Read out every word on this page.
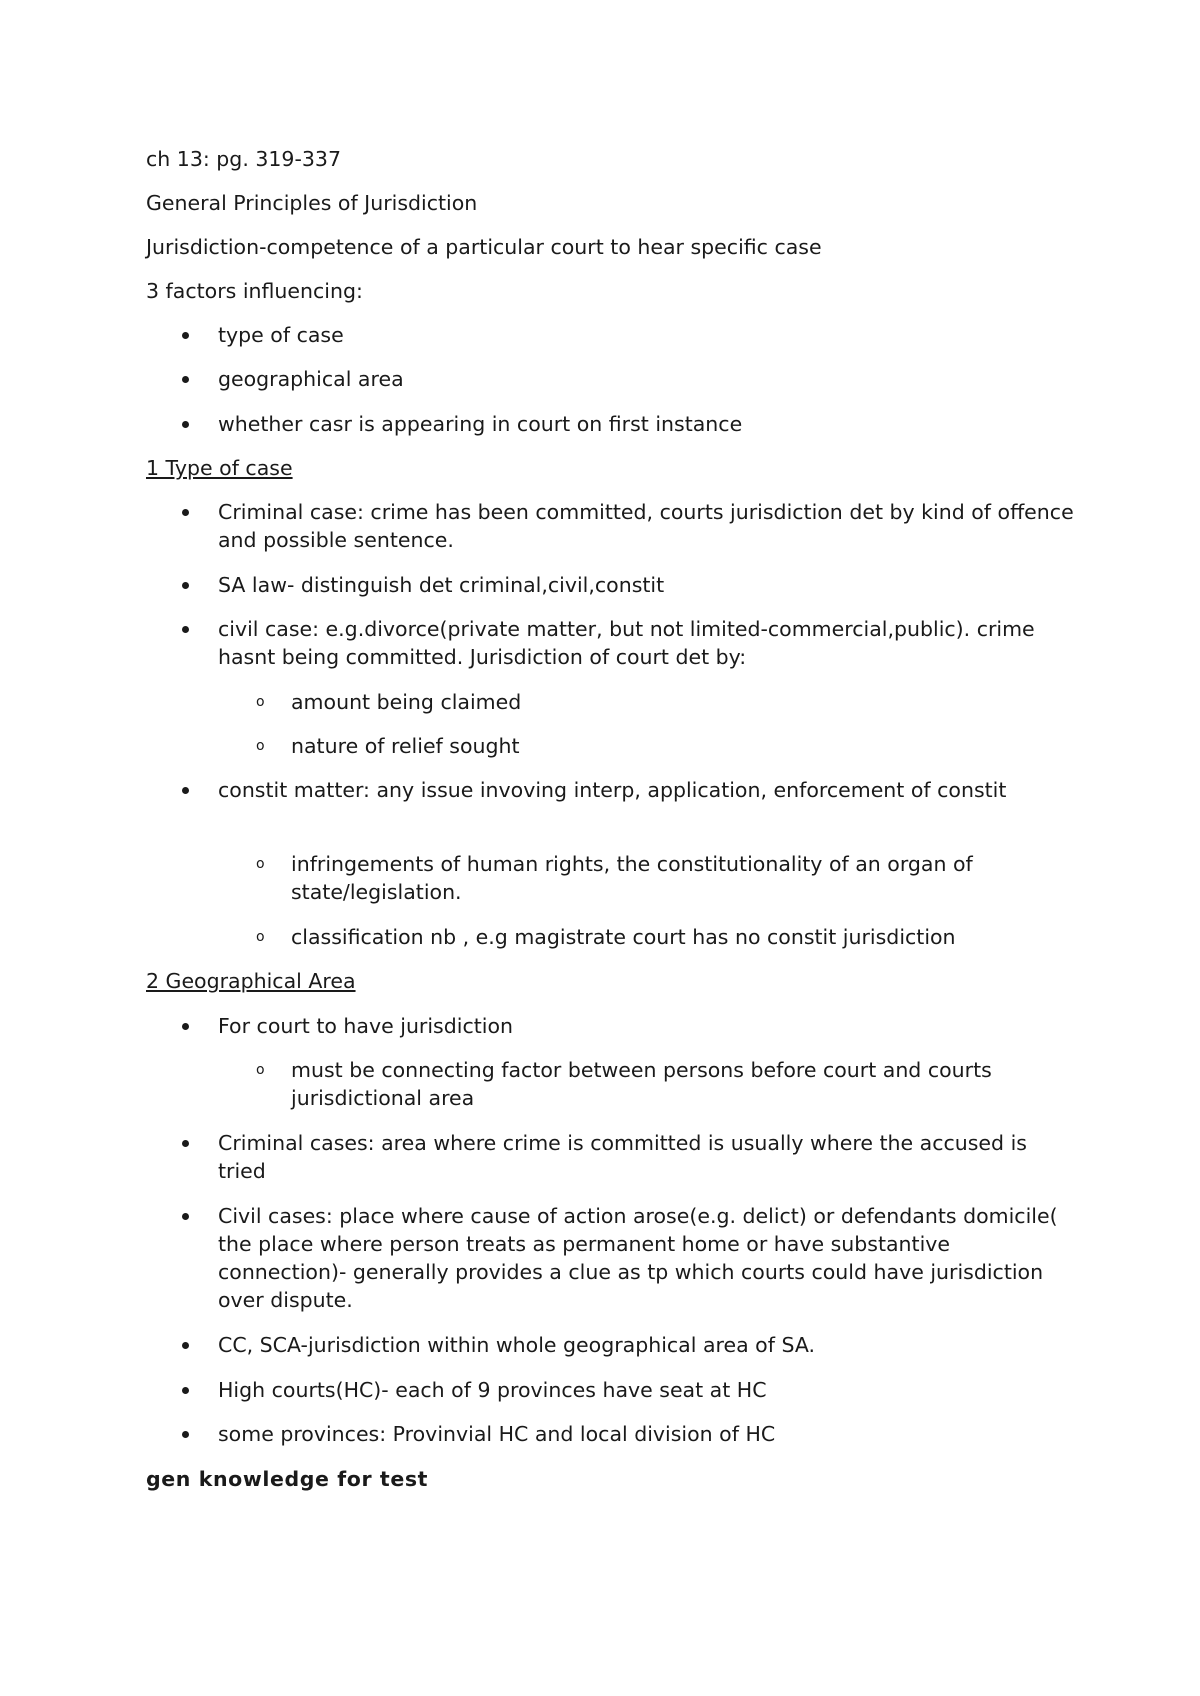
ch 13: pg. 319-337
General Principles of Jurisdiction
Jurisdiction-competence of a particular court to hear specific case
3 factors influencing:
type of case
geographical area
whether casr is appearing in court on first instance
1 Type of case
Criminal case: crime has been committed, courts jurisdiction det by kind of offence and possible sentence.
SA law- distinguish det criminal,civil,constit
civil case: e.g.divorce(private matter, but not limited-commercial,public). crime hasnt being committed. Jurisdiction of court det by:
o amount being claimed
o nature of relief sought
constit matter: any issue invoving interp, application, enforcement of constit
o infringements of human rights, the constitutionality of an organ of state/legislation.
o classification nb , e.g magistrate court has no constit jurisdiction
2 Geographical Area
For court to have jurisdiction
o must be connecting factor between persons before court and courts jurisdictional area
Criminal cases: area where crime is committed is usually where the accused is tried
Civil cases: place where cause of action arose(e.g. delict) or defendants domicile( the place where person treats as permanent home or have substantive connection)- generally provides a clue as tp which courts could have jurisdiction over dispute.
CC, SCA-jurisdiction within whole geographical area of SA.
High courts(HC)- each of 9 provinces have seat at HC
some provinces: Provinvial HC and local division of HC
gen knowledge for test
